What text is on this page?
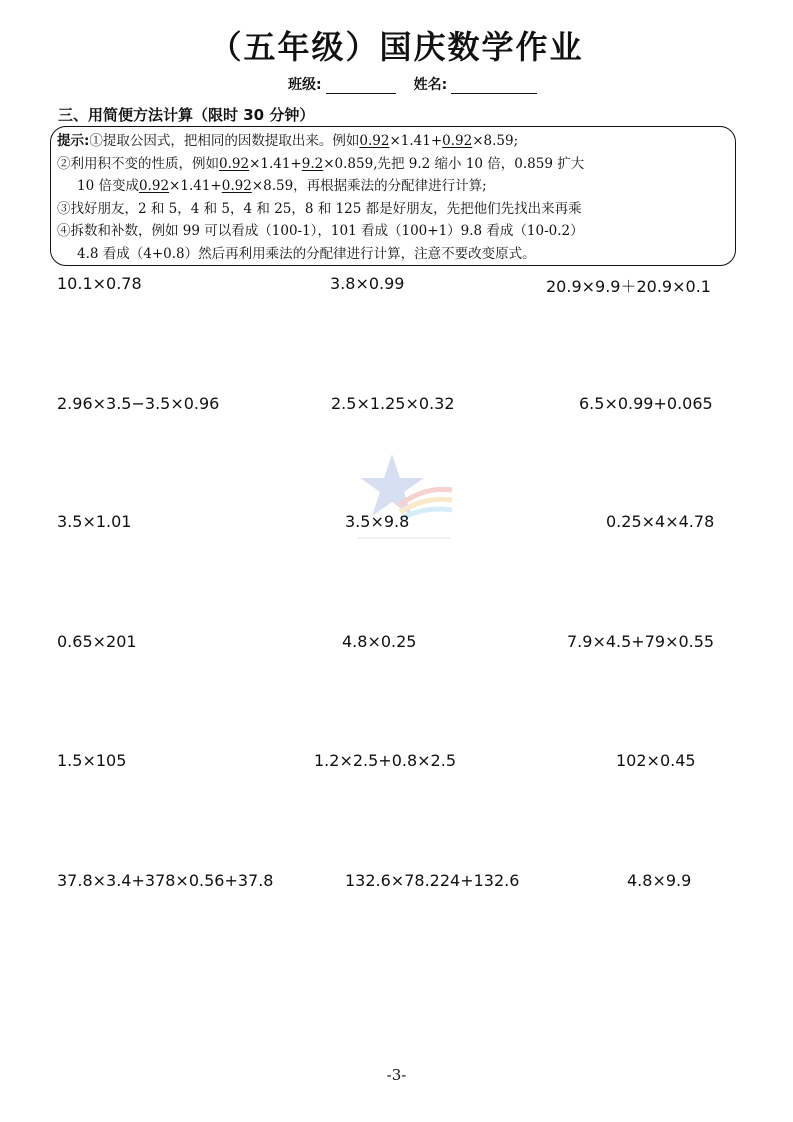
（五年级）国庆数学作业
班级:	姓名:
三、用简便方法计算（限时 30 分钟）
提示:①提取公因式，把相同的因数提取出来。例如0.92×1.41+0.92×8.59;
②利用积不变的性质，例如0.92×1.41+9.2×0.859,先把 9.2 缩小 10 倍，0.859 扩大
10 倍变成0.92×1.41+0.92×8.59，再根据乘法的分配律进行计算;
③找好朋友，2 和 5，4 和 5，4 和 25，8 和 125 都是好朋友，先把他们先找出来再乘
④拆数和补数，例如 99 可以看成（100-1），101 看成（100+1）9.8 看成（10-0.2）
4.8 看成（4+0.8）然后再利用乘法的分配律进行计算，注意不要改变原式。
10.1×0.78	3.8×0.99	20.9×9.9＋20.9×0.1
2.96×3.5−3.5×0.96	2.5×1.25×0.32	6.5×0.99+0.065
3.5×1.01	3.5×9.8	0.25×4×4.78
0.65×201	4.8×0.25	7.9×4.5+79×0.55
1.5×105	1.2×2.5+0.8×2.5	102×0.45
37.8×3.4+378×0.56+37.8	132.6×78.224+132.6	4.8×9.9
-3-
